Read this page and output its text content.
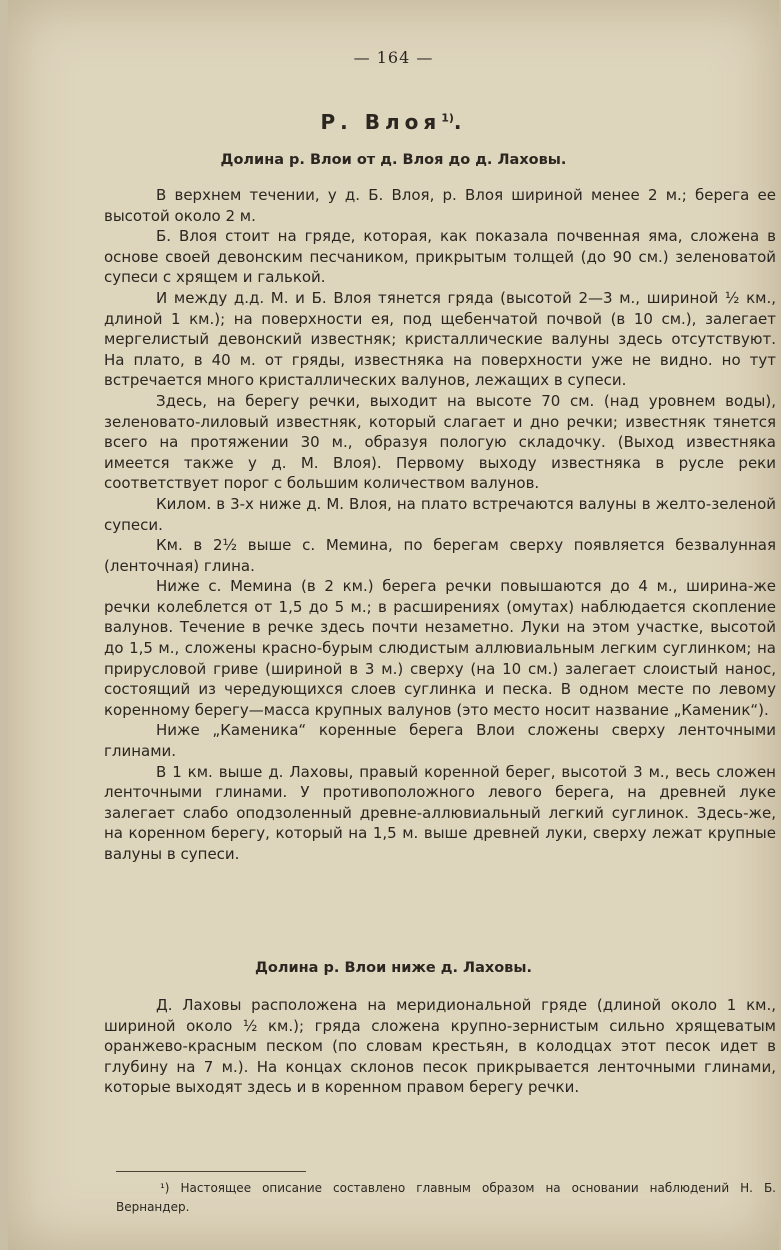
— 164 —
Р. Влоя$^{1)}$.
Долина р. Влои от д. Влоя до д. Лаховы.

В верхнем течении, у д. Б. Влоя, р. Влоя шириной менее 2 м.; берега ее высотой около 2 м.

Б. Влоя стоит на гряде, которая, как показала почвенная яма, сложена в основе своей девонским песчаником, прикрытым толщей (до 90 см.) зеленоватой супеси с хрящем и галькой.

И между д.д. М. и Б. Влоя тянется гряда (высотой 2—3 м., шириной ½ км., длиной 1 км.); на поверхности ея, под щебенчатой почвой (в 10 см.), залегает мергелистый девонский известняк; кристаллические валуны здесь отсутствуют. На плато, в 40 м. от гряды, известняка на поверхности уже не видно. но тут встречается много кристаллических валунов, лежащих в супеси.

Здесь, на берегу речки, выходит на высоте 70 см. (над уровнем воды), зеленовато-лиловый известняк, который слагает и дно речки; известняк тянется всего на протяжении 30 м., образуя пологую складочку. (Выход известняка имеется также у д. М. Влоя). Первому выходу известняка в русле реки соответствует порог с большим количеством валунов.

Килом. в 3-х ниже д. М. Влоя, на плато встречаются валуны в желто-зеленой супеси.

Км. в 2½ выше с. Мемина, по берегам сверху появляется безвалунная (ленточная) глина.

Ниже с. Мемина (в 2 км.) берега речки повышаются до 4 м., ширина-же речки колеблется от 1,5 до 5 м.; в расширениях (омутах) наблюдается скопление валунов. Течение в речке здесь почти незаметно. Луки на этом участке, высотой до 1,5 м., сложены красно-бурым слюдистым аллювиальным легким суглинком; на прирусловой гриве (шириной в 3 м.) сверху (на 10 см.) залегает слоистый нанос, состоящий из чередующихся слоев суглинка и песка. В одном месте по левому коренному берегу—масса крупных валунов (это место носит название „Каменик“).

Ниже „Каменика“ коренные берега Влои сложены сверху ленточными глинами.

В 1 км. выше д. Лаховы, правый коренной берег, высотой 3 м., весь сложен ленточными глинами. У противоположного левого берега, на древней луке залегает слабо оподзоленный древне-аллювиальный легкий суглинок. Здесь-же, на коренном берегу, который на 1,5 м. выше древней луки, сверху лежат крупные валуны в супеси.

Долина р. Влои ниже д. Лаховы.

Д. Лаховы расположена на меридиональной гряде (длиной около 1 км., шириной около ½ км.); гряда сложена крупно-зернистым сильно хрящеватым оранжево-красным песком (по словам крестьян, в колодцах этот песок идет в глубину на 7 м.). На концах склонов песок прикрывается ленточными глинами, которые выходят здесь и в коренном правом берегу речки.

¹) Настоящее описание составлено главным образом на основании наблюдений Н. Б. Вернандер.
